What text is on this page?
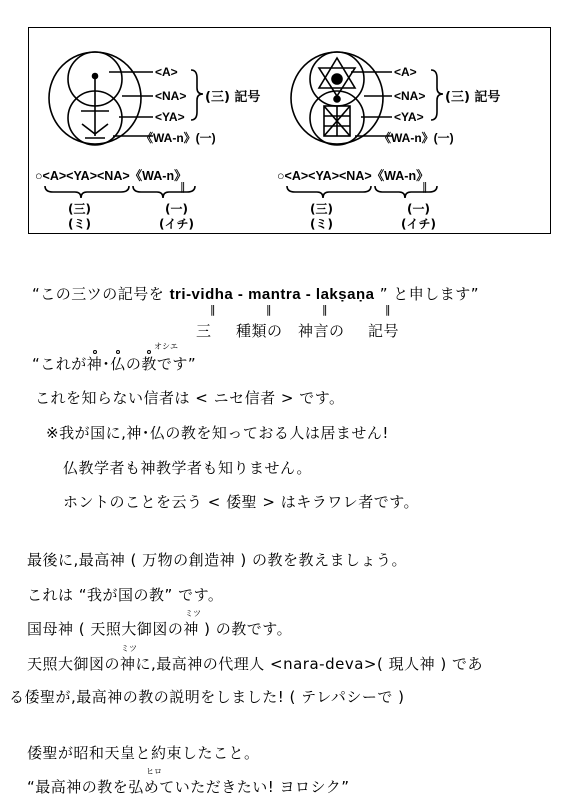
<A>
<NA>
<YA>
《WA-n》(一)
(三) 記号
○<A><YA><NA>《WA-n》
‖
(三)
(ミ)
(一)
(イチ)
<A>
<NA>
<YA>
《WA-n》(一)
(三) 記号
○<A><YA><NA>《WA-n》
‖
(三)
(ミ)
(一)
(イチ)
“この三ツの記号を tri-vidha - mantra - lakṣaṇa ” と申します”
‖	‖	‖	‖
三 種類の 神言の 記号
オシエ
“これが神･仏の教です”
これを知らない信者は < ニセ信者 > です。
※我が国に,神･仏の教を知っておる人は居ません!
仏教学者も神教学者も知りません。
ホントのことを云う < 倭聖 > はキラワレ者です。
最後に,最高神 ( 万物の創造神 ) の教を教えましょう。
これは “我が国の教” です。
ミツ
国母神 ( 天照大御図の神 ) の教です。
ミツ
天照大御図の神に,最高神の代理人 <nara-deva>( 現人神 ) であ
る倭聖が,最高神の教の説明をしました! ( テレパシーで )
倭聖が昭和天皇と約束したこと。
ヒロ
“最高神の教を弘めていただきたい! ヨロシク”
